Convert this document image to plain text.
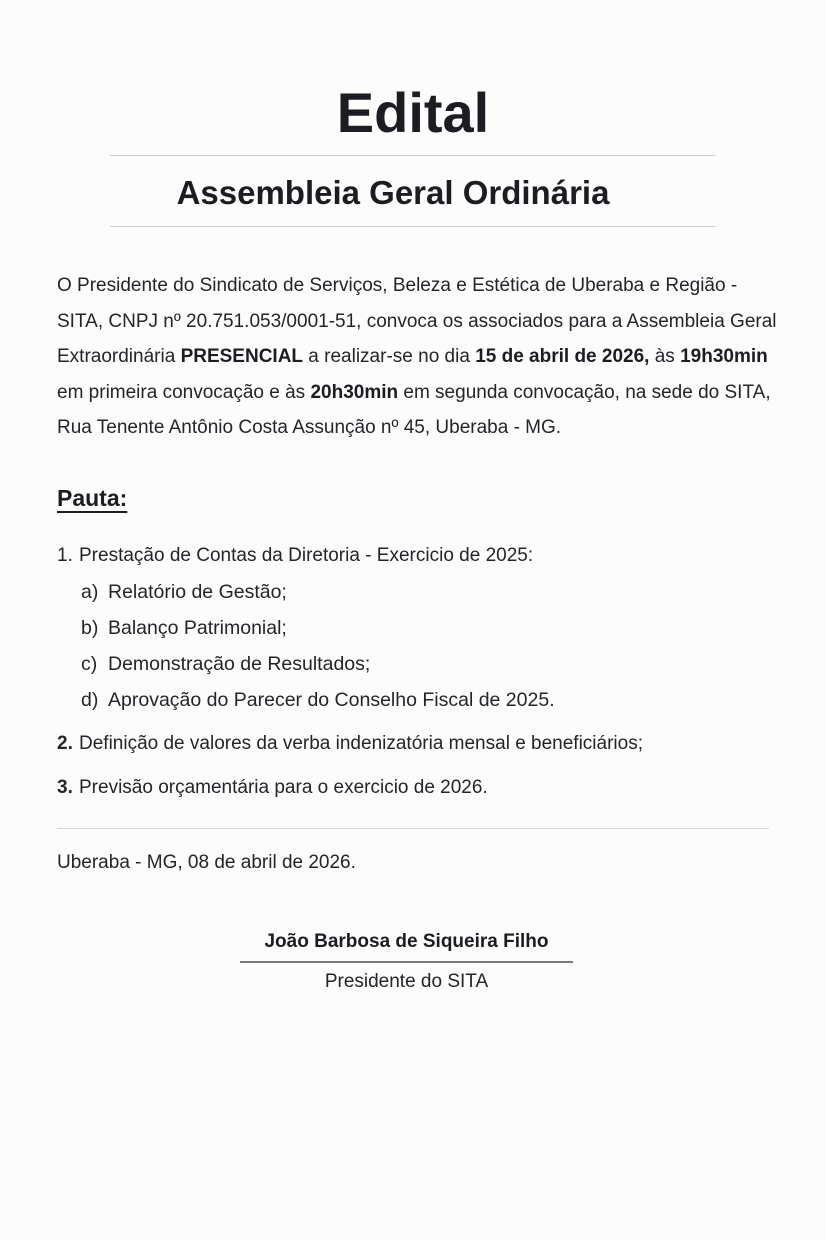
Edital
Assembleia Geral Ordinária
O Presidente do Sindicato de Serviços, Beleza e Estética de Uberaba e Região - SITA, CNPJ nº 20.751.053/0001-51, convoca os associados para a Assembleia Geral Extraordinária PRESENCIAL a realizar-se no dia 15 de abril de 2026, às 19h30min em primeira convocação e às 20h30min em segunda convocação, na sede do SITA, Rua Tenente Antônio Costa Assunção nº 45, Uberaba - MG.
Pauta:
1. Prestação de Contas da Diretoria - Exercicio de 2025:
a) Relatório de Gestão;
b) Balanço Patrimonial;
c) Demonstração de Resultados;
d) Aprovação do Parecer do Conselho Fiscal de 2025.
2. Definição de valores da verba indenizatória mensal e beneficiários;
3. Previsão orçamentária para o exercicio de 2026.
Uberaba - MG, 08 de abril de 2026.
João Barbosa de Siqueira Filho
Presidente do SITA
